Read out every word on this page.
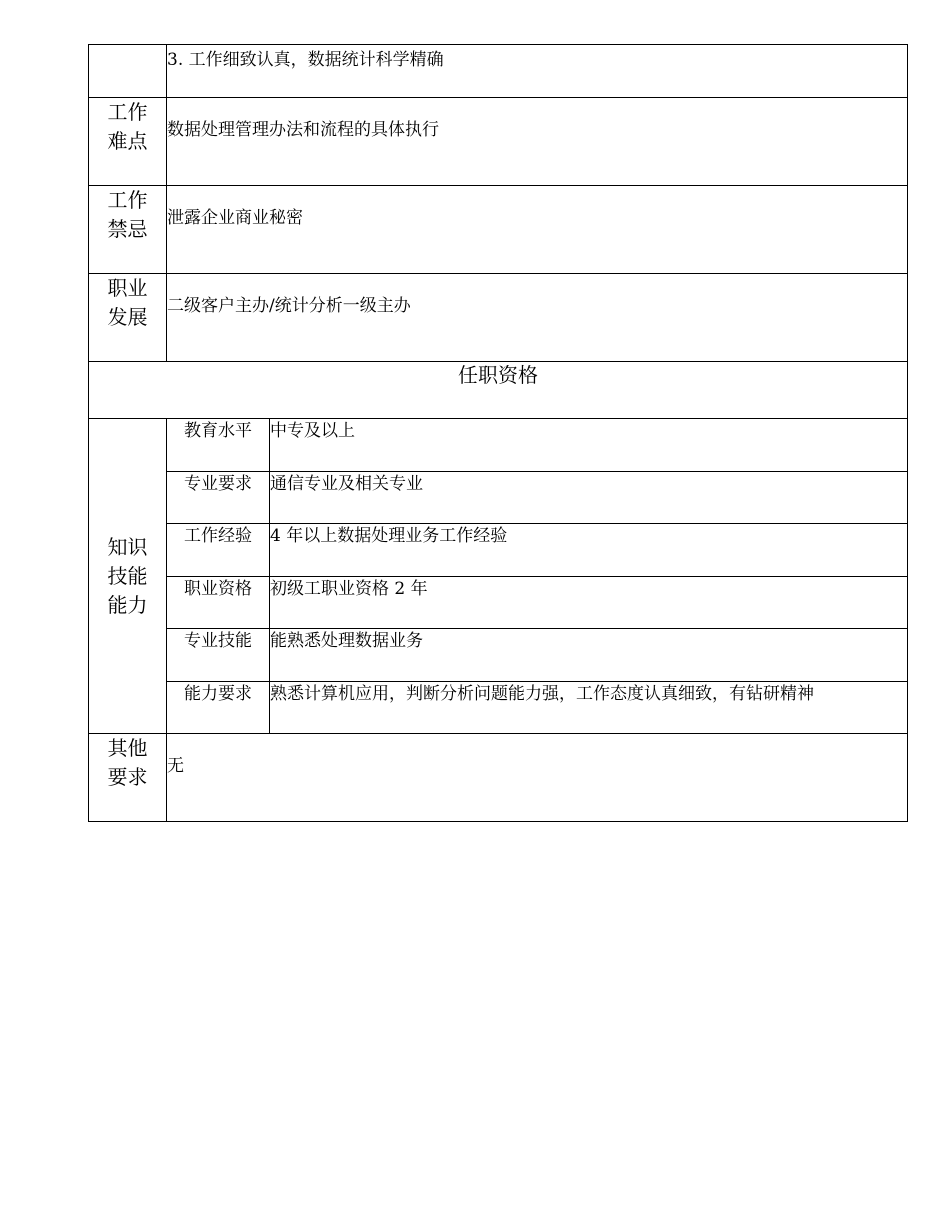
	3. 工作细致认真，数据统计科学精确	

工作
难点	数据处理管理办法和流程的具体执行	

工作
禁忌	泄露企业商业秘密	

职业
发展	二级客户主办/统计分析一级主办	
任职资格		

知识
技能
能力	教育水平	中专及以上
	专业要求	通信专业及相关专业
	工作经验	4 年以上数据处理业务工作经验
	职业资格	初级工职业资格 2 年
	专业技能	能熟悉处理数据业务
	能力要求	熟悉计算机应用，判断分析问题能力强，工作态度认真细致，有钻研精神

其他
要求	无	
